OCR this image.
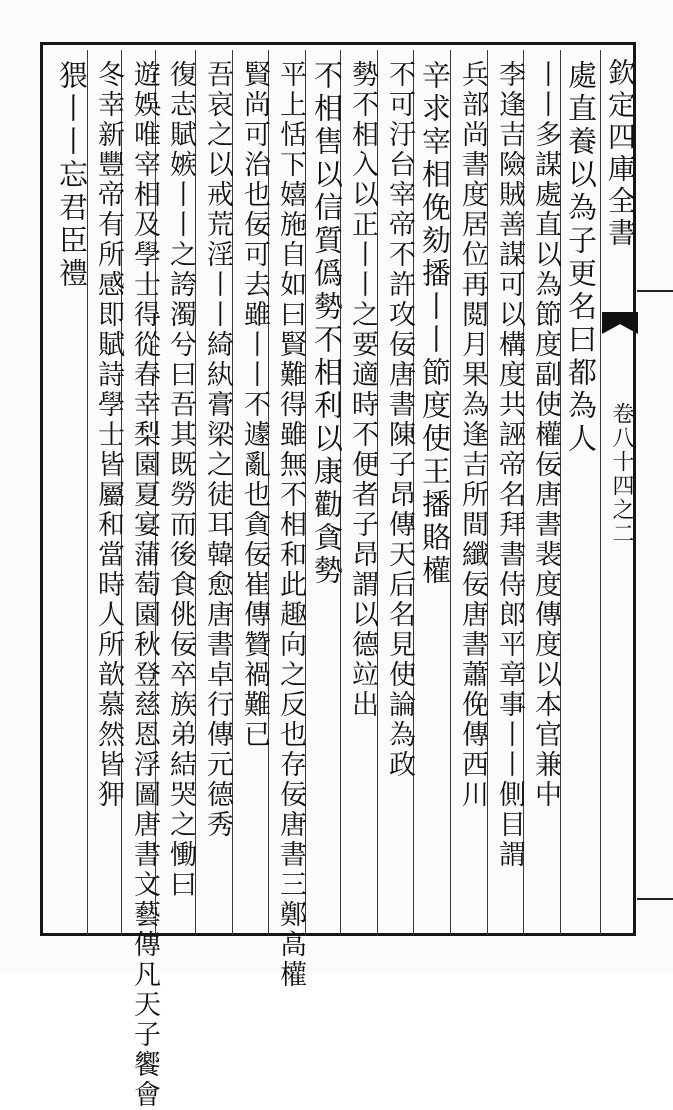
處直養以為子更名曰都為人
丨丨多謀處直以為節度副使權佞唐書裴度傳度以本官兼中
李逢吉險賊善謀可以構度共誣帝名拜書侍郎平章事丨丨側目謂
兵部尚書度居位再閲月果為逢吉所間纖佞唐書蕭俛傳西川
辛求宰相俛劾播丨丨節度使王播賂權
不可汙台宰帝不許攻佞唐書陳子昂傳天后名見使論為政
勢不相入以正丨丨之要適時不便者子昂謂以德竝出
不相售以信質僞勢不相利以康勸貪勢
平上恬下嬉施自如曰賢難得雖無不相和此趣向之反也存佞唐書三鄭高權
賢尚可治也佞可去雖丨丨不遽亂也貪佞崔傳贊禍難已
吾哀之以戒荒淫丨丨綺紈膏梁之徒耳韓愈唐書卓行傳元德秀
復志賦嫉丨丨之誇濁兮曰吾其既勞而後食佻佞卒族弟結哭之慟曰
遊娛唯宰相及學士得從春幸梨園夏宴蒲萄園秋登慈恩浮圖唐書文藝傳凡天子饗會
冬幸新豐帝有所感即賦詩學士皆屬和當時人所歆慕然皆狎
猥丨丨忘君臣禮	欽定四庫全書
卷八十四之二
